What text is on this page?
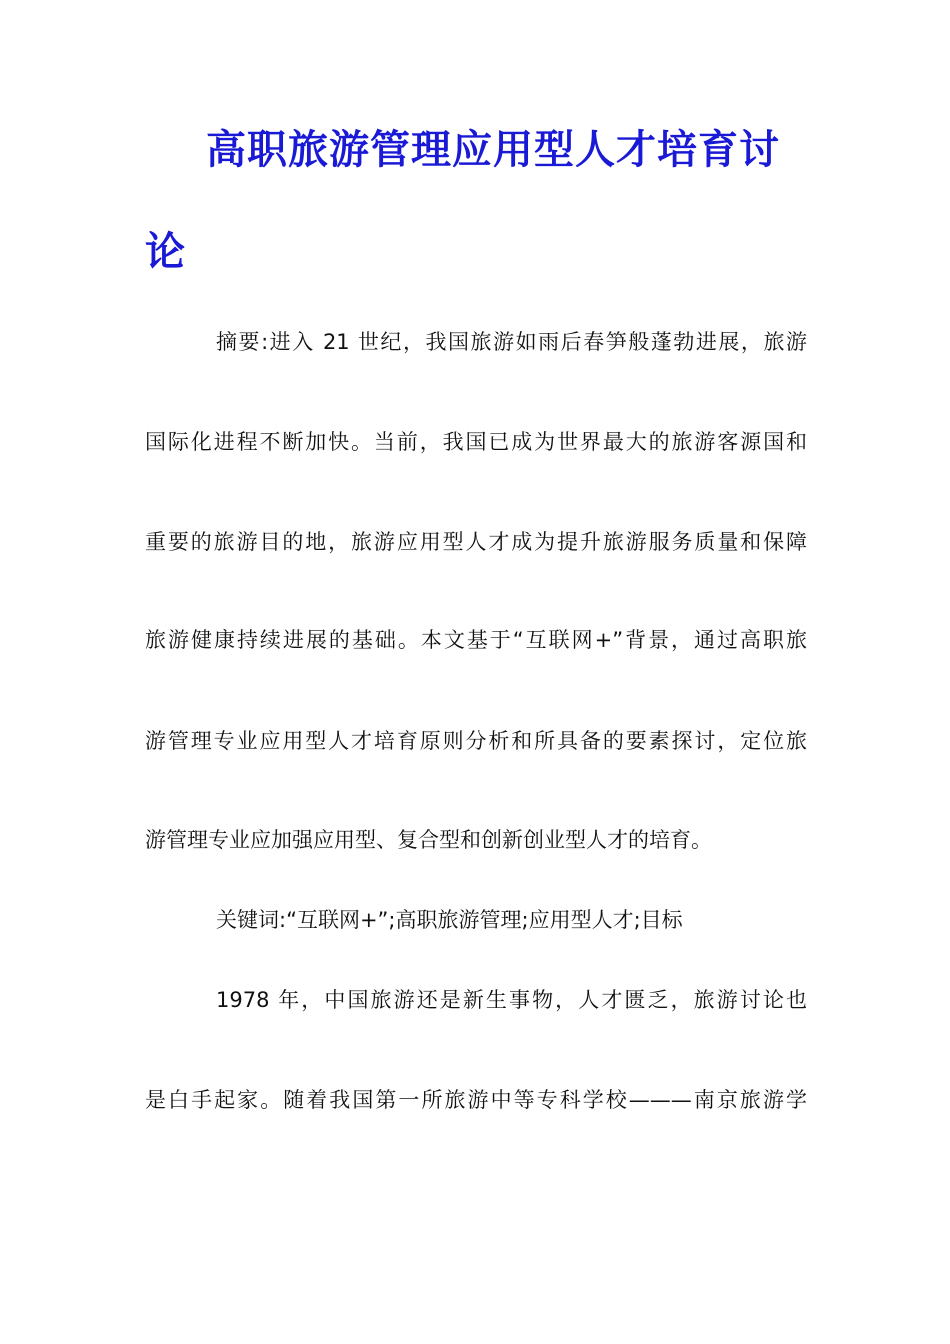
高职旅游管理应用型人才培育讨
论
摘要:进入 21 世纪，我国旅游如雨后春笋般蓬勃进展，旅游
国际化进程不断加快。当前，我国已成为世界最大的旅游客源国和
重要的旅游目的地，旅游应用型人才成为提升旅游服务质量和保障
旅游健康持续进展的基础。本文基于“互联网+”背景，通过高职旅
游管理专业应用型人才培育原则分析和所具备的要素探讨，定位旅
游管理专业应加强应用型、复合型和创新创业型人才的培育。
关键词:“互联网+”;高职旅游管理;应用型人才;目标
1978 年，中国旅游还是新生事物，人才匮乏，旅游讨论也
是白手起家。随着我国第一所旅游中等专科学校———南京旅游学
